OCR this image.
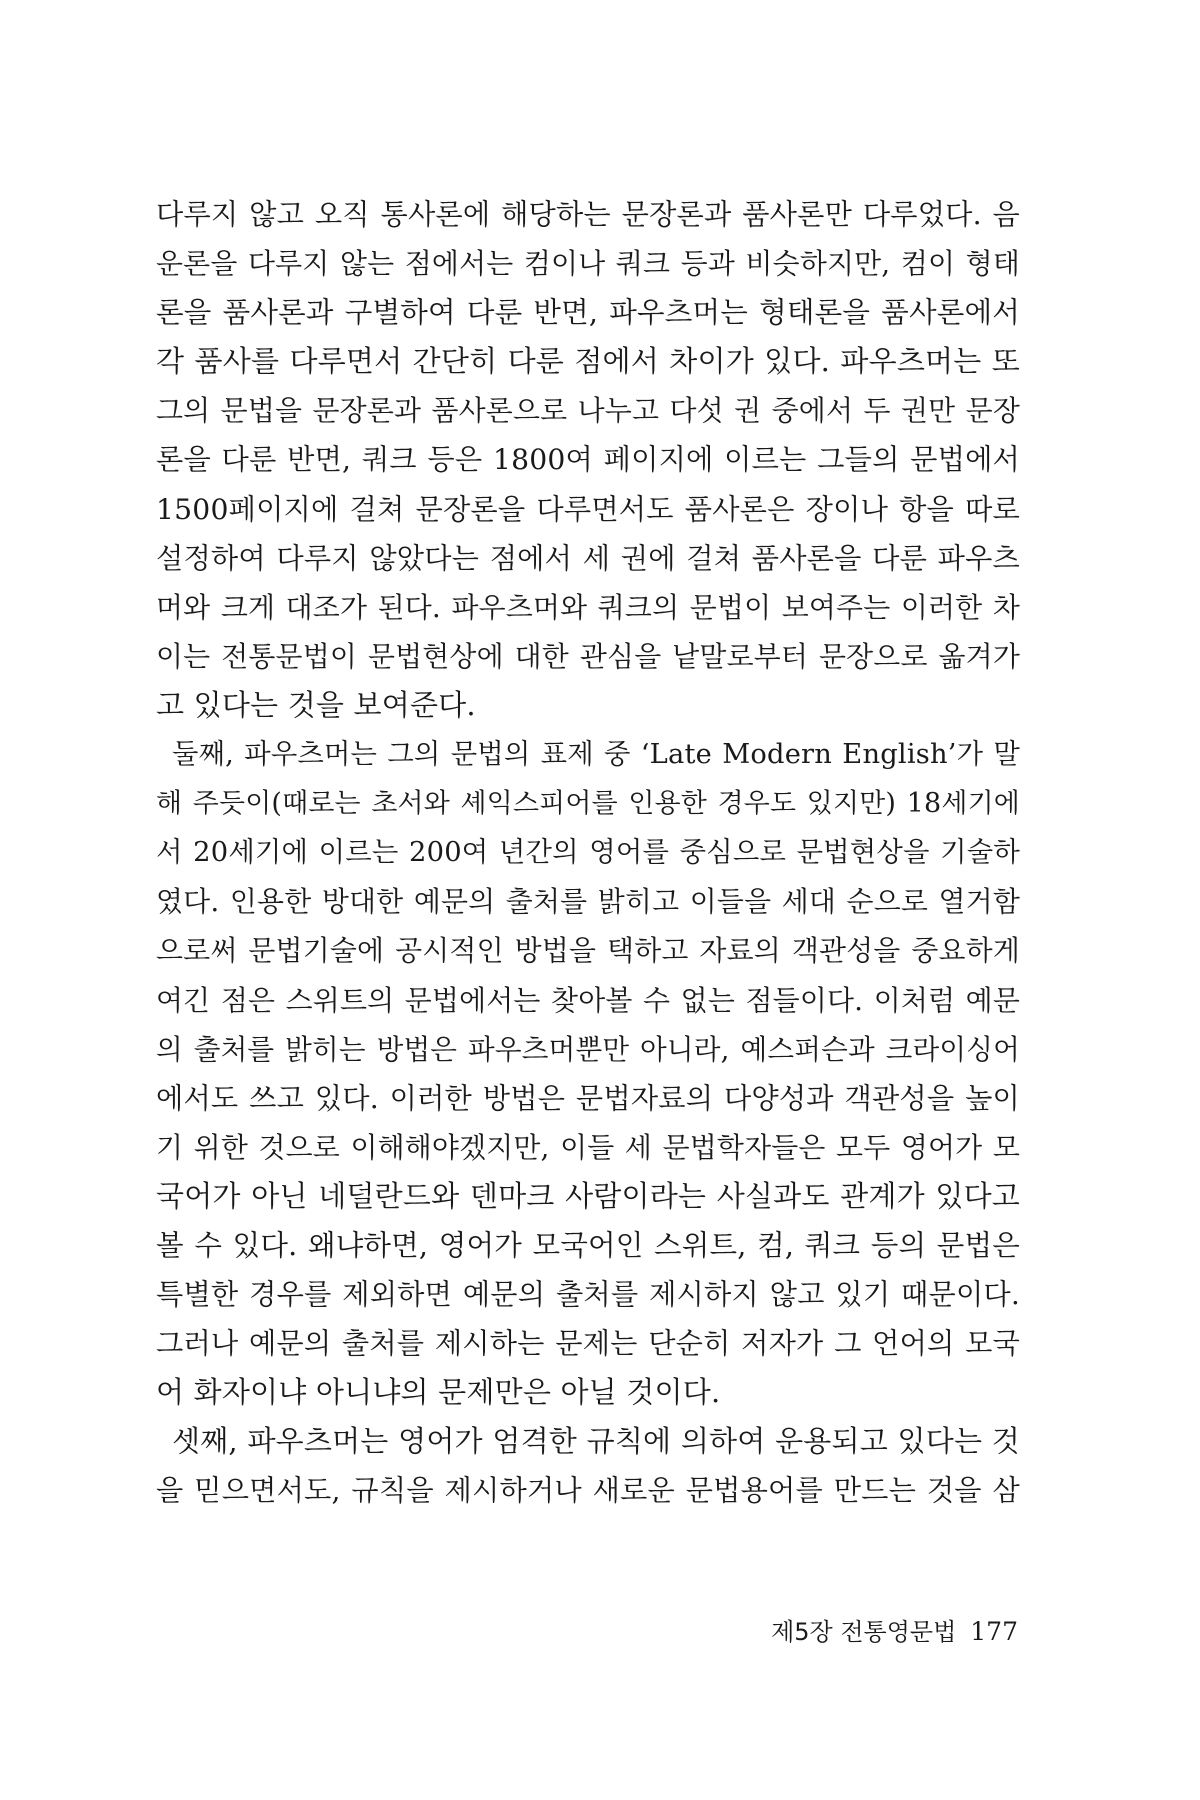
다루지 않고 오직 통사론에 해당하는 문장론과 품사론만 다루었다. 음
운론을 다루지 않는 점에서는 컴이나 쿼크 등과 비슷하지만, 컴이 형태
론을 품사론과 구별하여 다룬 반면, 파우츠머는 형태론을 품사론에서
각 품사를 다루면서 간단히 다룬 점에서 차이가 있다. 파우츠머는 또
그의 문법을 문장론과 품사론으로 나누고 다섯 권 중에서 두 권만 문장
론을 다룬 반면, 쿼크 등은 1800여 페이지에 이르는 그들의 문법에서
1500페이지에 걸쳐 문장론을 다루면서도 품사론은 장이나 항을 따로
설정하여 다루지 않았다는 점에서 세 권에 걸쳐 품사론을 다룬 파우츠
머와 크게 대조가 된다. 파우츠머와 쿼크의 문법이 보여주는 이러한 차
이는 전통문법이 문법현상에 대한 관심을 낱말로부터 문장으로 옮겨가
고 있다는 것을 보여준다.
둘째, 파우츠머는 그의 문법의 표제 중 ‘Late Modern English’가 말
해 주듯이(때로는 초서와 셰익스피어를 인용한 경우도 있지만) 18세기에
서 20세기에 이르는 200여 년간의 영어를 중심으로 문법현상을 기술하
였다. 인용한 방대한 예문의 출처를 밝히고 이들을 세대 순으로 열거함
으로써 문법기술에 공시적인 방법을 택하고 자료의 객관성을 중요하게
여긴 점은 스위트의 문법에서는 찾아볼 수 없는 점들이다. 이처럼 예문
의 출처를 밝히는 방법은 파우츠머뿐만 아니라, 예스퍼슨과 크라이싱어
에서도 쓰고 있다. 이러한 방법은 문법자료의 다양성과 객관성을 높이
기 위한 것으로 이해해야겠지만, 이들 세 문법학자들은 모두 영어가 모
국어가 아닌 네덜란드와 덴마크 사람이라는 사실과도 관계가 있다고
볼 수 있다. 왜냐하면, 영어가 모국어인 스위트, 컴, 쿼크 등의 문법은
특별한 경우를 제외하면 예문의 출처를 제시하지 않고 있기 때문이다.
그러나 예문의 출처를 제시하는 문제는 단순히 저자가 그 언어의 모국
어 화자이냐 아니냐의 문제만은 아닐 것이다.
셋째, 파우츠머는 영어가 엄격한 규칙에 의하여 운용되고 있다는 것
을 믿으면서도, 규칙을 제시하거나 새로운 문법용어를 만드는 것을 삼
제5장 전통영문법 177
